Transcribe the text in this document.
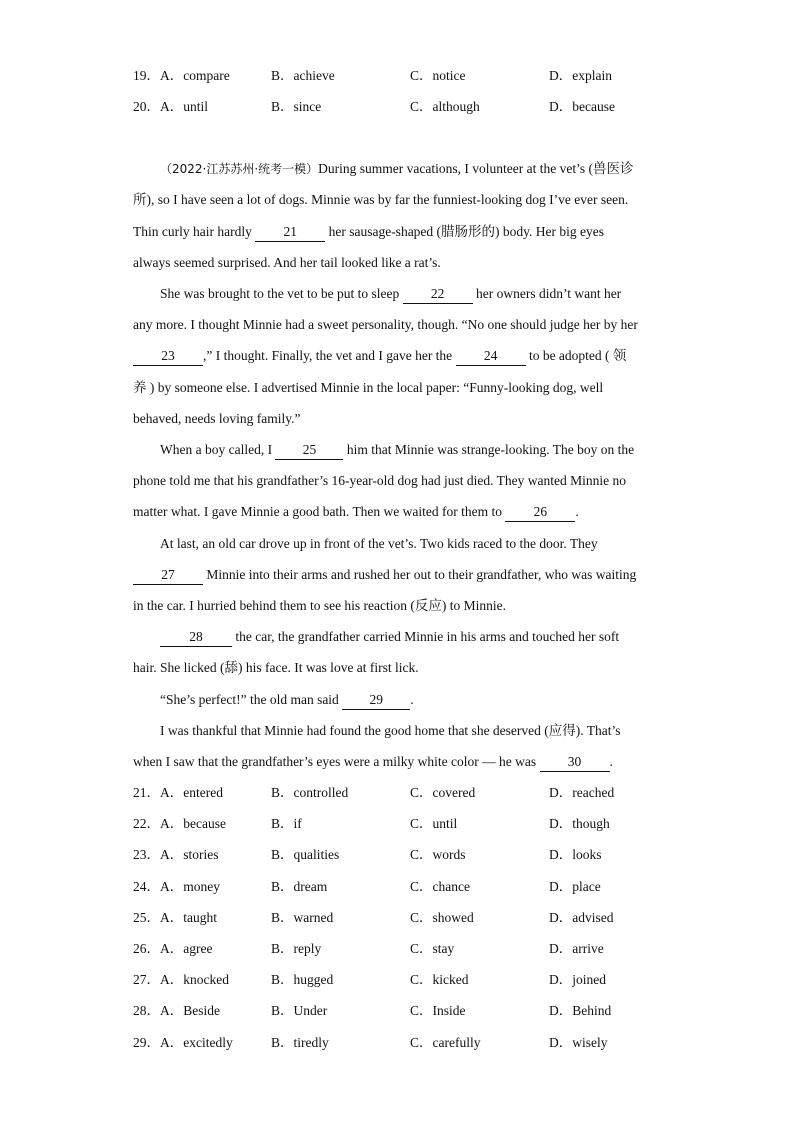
19． A．compare	B．achieve	C．notice	D．explain
20． A．until	B．since	C．although	D．because
（2022·江苏苏州·统考一模）During summer vacations, I volunteer at the vet’s (兽医诊
所), so I have seen a lot of dogs. Minnie was by far the funniest-looking dog I’ve ever seen.
Thin curly hair hardly 21 her sausage-shaped (腊肠形的) body. Her big eyes
always seemed surprised. And her tail looked like a rat’s.
She was brought to the vet to be put to sleep 22 her owners didn’t want her
any more. I thought Minnie had a sweet personality, though. “No one should judge her by her
23 ,” I thought. Finally, the vet and I gave her the 24 to be adopted ( 领
养 ) by someone else. I advertised Minnie in the local paper: “Funny-looking dog, well
behaved, needs loving family.”
When a boy called, I 25 him that Minnie was strange-looking. The boy on the
phone told me that his grandfather’s 16-year-old dog had just died. They wanted Minnie no
matter what. I gave Minnie a good bath. Then we waited for them to 26 .
At last, an old car drove up in front of the vet’s. Two kids raced to the door. They
27 Minnie into their arms and rushed her out to their grandfather, who was waiting
in the car. I hurried behind them to see his reaction (反应) to Minnie.
28 the car, the grandfather carried Minnie in his arms and touched her soft
hair. She licked (舔) his face. It was love at first lick.
“She’s perfect!” the old man said 29 .
I was thankful that Minnie had found the good home that she deserved (应得). That’s
when I saw that the grandfather’s eyes were a milky white color — he was 30 .
21． A．entered	B．controlled	C．covered	D．reached
22． A．because	B．if	C．until	D．though
23． A．stories	B．qualities	C．words	D．looks
24． A．money	B．dream	C．chance	D．place
25． A．taught	B．warned	C．showed	D．advised
26． A．agree	B．reply	C．stay	D．arrive
27． A．knocked	B．hugged	C．kicked	D．joined
28． A．Beside	B．Under	C．Inside	D．Behind
29． A．excitedly	B．tiredly	C．carefully	D．wisely
